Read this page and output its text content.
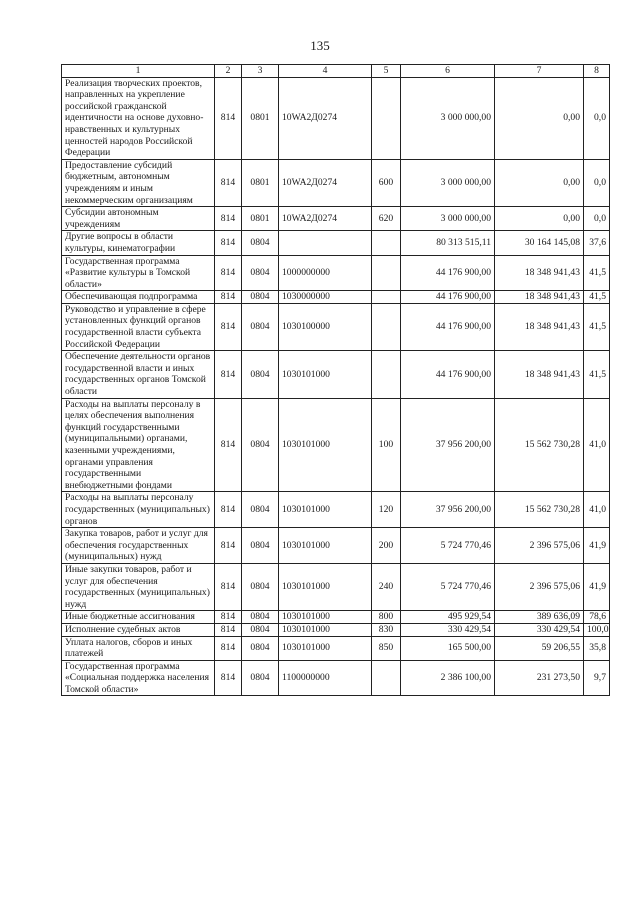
135
1	2	3	4	5	6	7	8
Реализация творческих проектов, направленных на укрепление российской гражданской идентичности на основе духовно-нравственных и культурных ценностей народов Российской Федерации	814	0801	10WA2Д0274		3 000 000,00	0,00	0,0
Предоставление субсидий бюджетным, автономным учреждениям и иным некоммерческим организациям	814	0801	10WA2Д0274	600	3 000 000,00	0,00	0,0
Субсидии автономным учреждениям	814	0801	10WA2Д0274	620	3 000 000,00	0,00	0,0
Другие вопросы в области культуры, кинематографии	814	0804			80 313 515,11	30 164 145,08	37,6
Государственная программа «Развитие культуры в Томской области»	814	0804	1000000000		44 176 900,00	18 348 941,43	41,5
Обеспечивающая подпрограмма	814	0804	1030000000		44 176 900,00	18 348 941,43	41,5
Руководство и управление в сфере установленных функций органов государственной власти субъекта Российской Федерации	814	0804	1030100000		44 176 900,00	18 348 941,43	41,5
Обеспечение деятельности органов государственной власти и иных государственных органов Томской области	814	0804	1030101000		44 176 900,00	18 348 941,43	41,5
Расходы на выплаты персоналу в целях обеспечения выполнения функций государственными (муниципальными) органами, казенными учреждениями, органами управления государственными внебюджетными фондами	814	0804	1030101000	100	37 956 200,00	15 562 730,28	41,0
Расходы на выплаты персоналу государственных (муниципальных) органов	814	0804	1030101000	120	37 956 200,00	15 562 730,28	41,0
Закупка товаров, работ и услуг для обеспечения государственных (муниципальных) нужд	814	0804	1030101000	200	5 724 770,46	2 396 575,06	41,9
Иные закупки товаров, работ и услуг для обеспечения государственных (муниципальных) нужд	814	0804	1030101000	240	5 724 770,46	2 396 575,06	41,9
Иные бюджетные ассигнования	814	0804	1030101000	800	495 929,54	389 636,09	78,6
Исполнение судебных актов	814	0804	1030101000	830	330 429,54	330 429,54	100,0
Уплата налогов, сборов и иных платежей	814	0804	1030101000	850	165 500,00	59 206,55	35,8
Государственная программа «Социальная поддержка населения Томской области»	814	0804	1100000000		2 386 100,00	231 273,50	9,7
